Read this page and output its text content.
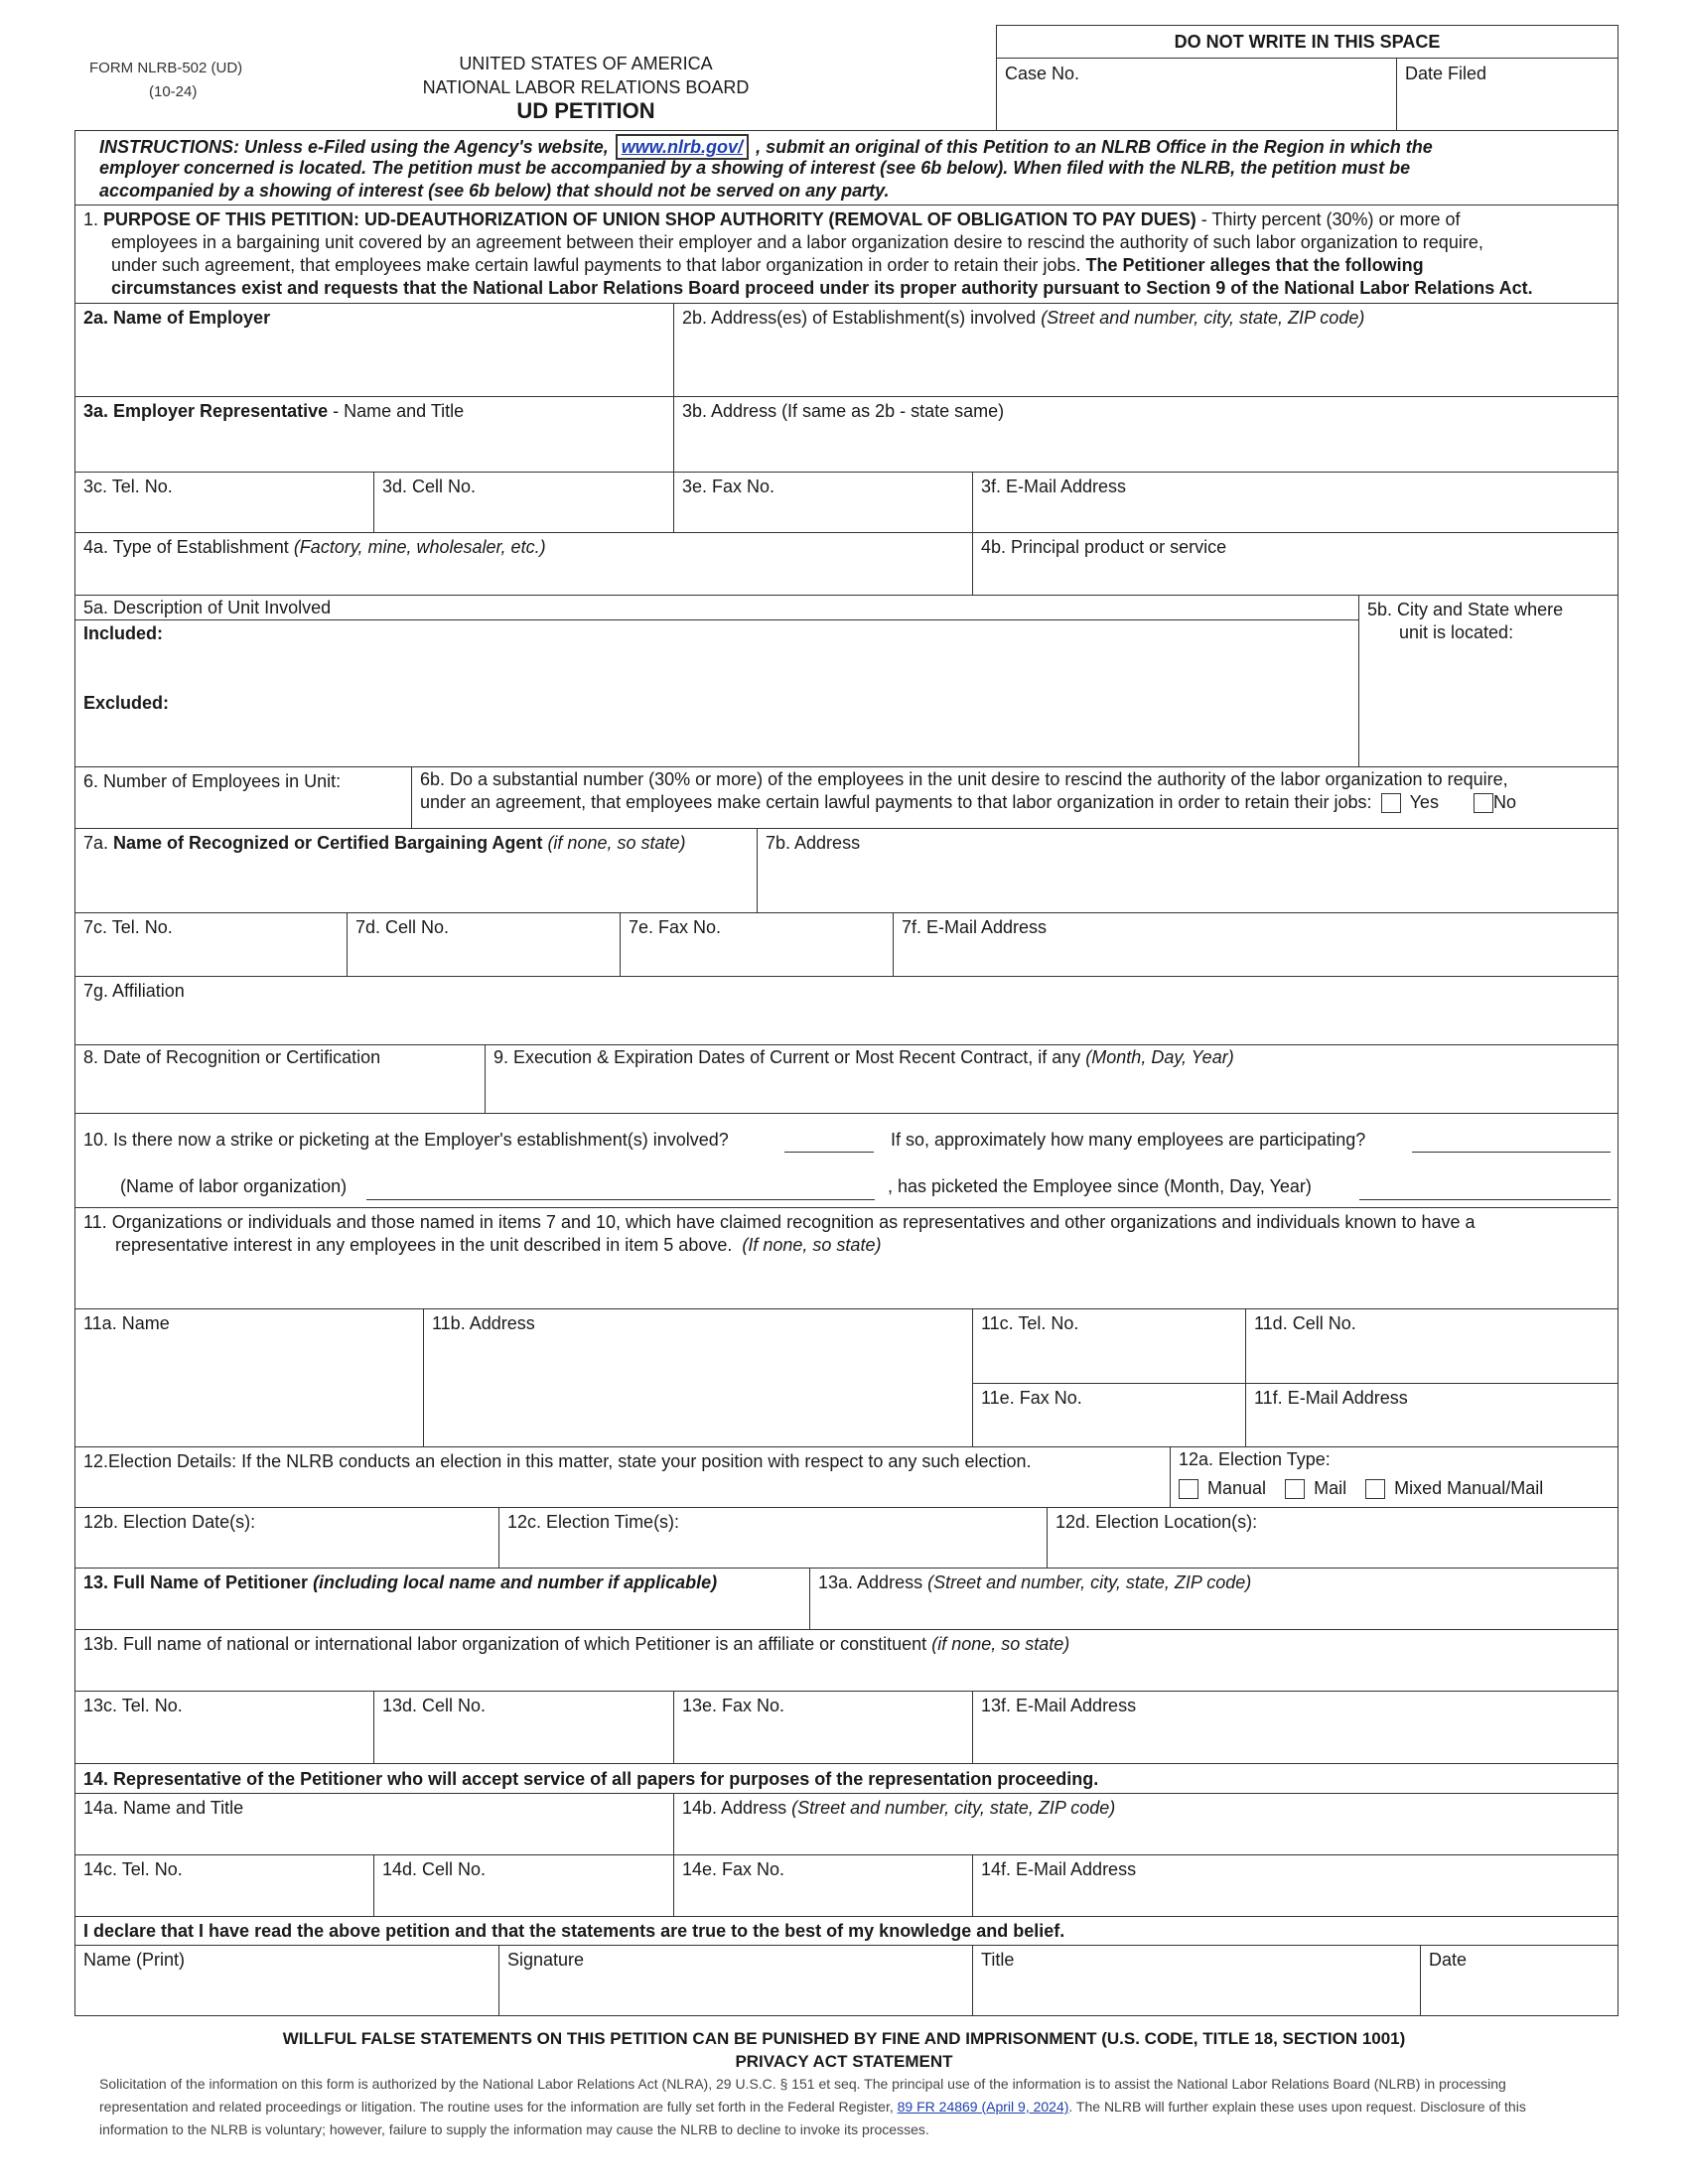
FORM NLRB-502 (UD)
(10-24)
UNITED STATES OF AMERICA
NATIONAL LABOR RELATIONS BOARD
UD PETITION
DO NOT WRITE IN THIS SPACE
Case No.	Date Filed
INSTRUCTIONS: Unless e-Filed using the Agency's website, www.nlrb.gov/ , submit an original of this Petition to an NLRB Office in the Region in which the
employer concerned is located. The petition must be accompanied by a showing of interest (see 6b below). When filed with the NLRB, the petition must be
accompanied by a showing of interest (see 6b below) that should not be served on any party.
1. PURPOSE OF THIS PETITION: UD-DEAUTHORIZATION OF UNION SHOP AUTHORITY (REMOVAL OF OBLIGATION TO PAY DUES) - Thirty percent (30%) or more of
employees in a bargaining unit covered by an agreement between their employer and a labor organization desire to rescind the authority of such labor organization to require,
under such agreement, that employees make certain lawful payments to that labor organization in order to retain their jobs. The Petitioner alleges that the following
circumstances exist and requests that the National Labor Relations Board proceed under its proper authority pursuant to Section 9 of the National Labor Relations Act.
2a. Name of Employer	2b. Address(es) of Establishment(s) involved (Street and number, city, state, ZIP code)
3a. Employer Representative - Name and Title	3b. Address (If same as 2b - state same)
3c. Tel. No.	3d. Cell No.	3e. Fax No.	3f. E-Mail Address
4a. Type of Establishment (Factory, mine, wholesaler, etc.)	4b. Principal product or service
5a. Description of Unit Involved
Included:
Excluded:
5b. City and State where
unit is located:
6. Number of Employees in Unit:	6b. Do a substantial number (30% or more) of the employees in the unit desire to rescind the authority of the labor organization to require,
under an agreement, that employees make certain lawful payments to that labor organization in order to retain their jobs: Yes	No
7a. Name of Recognized or Certified Bargaining Agent (if none, so state)	7b. Address
7c. Tel. No.	7d. Cell No.	7e. Fax No.	7f. E-Mail Address
7g. Affiliation
8. Date of Recognition or Certification	9. Execution & Expiration Dates of Current or Most Recent Contract, if any (Month, Day, Year)
10. Is there now a strike or picketing at the Employer's establishment(s) involved?	If so, approximately how many employees are participating?
(Name of labor organization)	, has picketed the Employee since (Month, Day, Year)
11. Organizations or individuals and those named in items 7 and 10, which have claimed recognition as representatives and other organizations and individuals known to have a
representative interest in any employees in the unit described in item 5 above. (If none, so state)
11a. Name	11b. Address	11c. Tel. No.	11d. Cell No.
11e. Fax No.	11f. E-Mail Address
12.Election Details: If the NLRB conducts an election in this matter, state your position with respect to any such election.	12a. Election Type:
Manual	Mail	Mixed Manual/Mail
12b. Election Date(s):	12c. Election Time(s):	12d. Election Location(s):
13. Full Name of Petitioner (including local name and number if applicable)	13a. Address (Street and number, city, state, ZIP code)
13b. Full name of national or international labor organization of which Petitioner is an affiliate or constituent (if none, so state)
13c. Tel. No.	13d. Cell No.	13e. Fax No.	13f. E-Mail Address
14. Representative of the Petitioner who will accept service of all papers for purposes of the representation proceeding.
14a. Name and Title	14b. Address (Street and number, city, state, ZIP code)
14c. Tel. No.	14d. Cell No.	14e. Fax No.	14f. E-Mail Address
I declare that I have read the above petition and that the statements are true to the best of my knowledge and belief.
Name (Print)	Signature	Title	Date
WILLFUL FALSE STATEMENTS ON THIS PETITION CAN BE PUNISHED BY FINE AND IMPRISONMENT (U.S. CODE, TITLE 18, SECTION 1001)
PRIVACY ACT STATEMENT
Solicitation of the information on this form is authorized by the National Labor Relations Act (NLRA), 29 U.S.C. § 151 et seq. The principal use of the information is to assist the National Labor Relations Board (NLRB) in processing
representation and related proceedings or litigation. The routine uses for the information are fully set forth in the Federal Register, 89 FR 24869 (April 9, 2024). The NLRB will further explain these uses upon request. Disclosure of this
information to the NLRB is voluntary; however, failure to supply the information may cause the NLRB to decline to invoke its processes.
